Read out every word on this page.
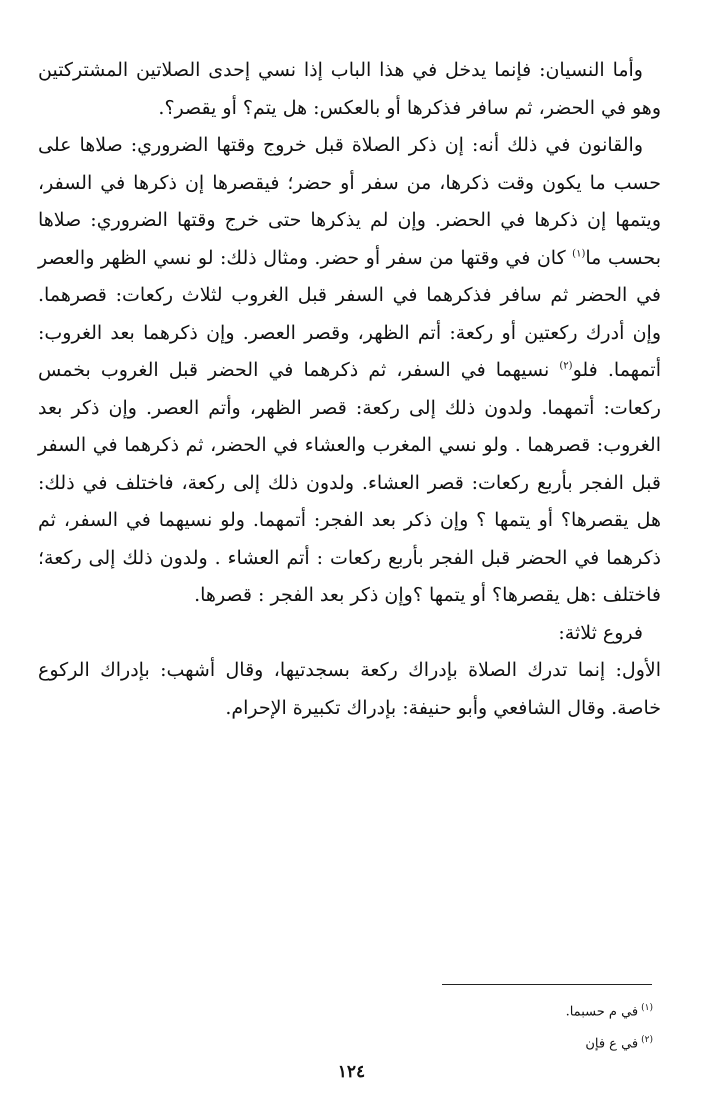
وأما النسيان: فإنما يدخل في هذا الباب إذا نسي إحدى الصلاتين المشتركتين وهو في الحضر، ثم سافر فذكرها أو بالعكس: هل يتم؟ أو يقصر؟.

والقانون في ذلك أنه: إن ذكر الصلاة قبل خروج وقتها الضروري: صلاها على حسب ما يكون وقت ذكرها، من سفر أو حضر؛ فيقصرها إن ذكرها في السفر، ويتمها إن ذكرها في الحضر. وإن لم يذكرها حتى خرج وقتها الضروري: صلاها بحسب ما$^{(١)}$ كان في وقتها من سفر أو حضر. ومثال ذلك: لو نسي الظهر والعصر في الحضر ثم سافر فذكرهما في السفر قبل الغروب لثلاث ركعات: قصرهما. وإن أدرك ركعتين أو ركعة: أتم الظهر، وقصر العصر. وإن ذكرهما بعد الغروب: أتمهما. فلو$^{(٢)}$ نسيهما في السفر، ثم ذكرهما في الحضر قبل الغروب بخمس ركعات: أتمهما. ولدون ذلك إلى ركعة: قصر الظهر، وأتم العصر. وإن ذكر بعد الغروب: قصرهما . ولو نسي المغرب والعشاء في الحضر، ثم ذكرهما في السفر قبل الفجر بأربع ركعات: قصر العشاء. ولدون ذلك إلى ركعة، فاختلف في ذلك: هل يقصرها؟ أو يتمها ؟ وإن ذكر بعد الفجر: أتمهما. ولو نسيهما في السفر، ثم ذكرهما في الحضر قبل الفجر بأربع ركعات : أتم العشاء . ولدون ذلك إلى ركعة؛ فاختلف :هل يقصرها؟ أو يتمها ؟وإن ذكر بعد الفجر : قصرها.

فروع ثلاثة:

الأول: إنما تدرك الصلاة بإدراك ركعة بسجدتيها، وقال أشهب: بإدراك الركوع خاصة. وقال الشافعي وأبو حنيفة: بإدراك تكبيرة الإحرام.

$^{(١)}$في م حسبما.
$^{(٢)}$في ع فإن
١٢٤
